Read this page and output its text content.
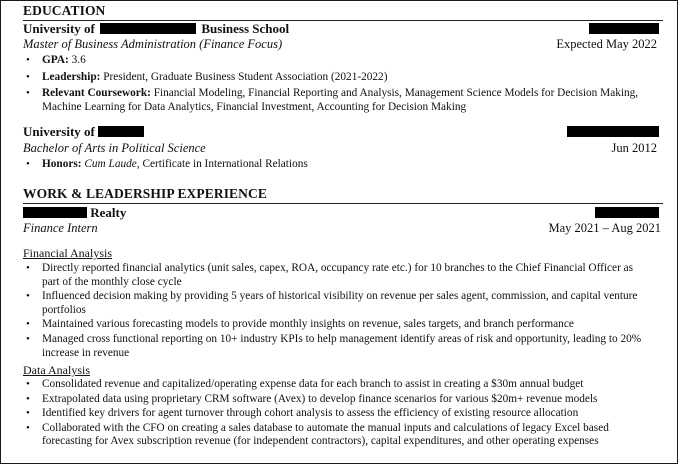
EDUCATION
University of	Business School
Master of Business Administration (Finance Focus)	Expected May 2022
• GPA: 3.6
• Leadership: President, Graduate Business Student Association (2021-2022)
• Relevant Coursework: Financial Modeling, Financial Reporting and Analysis, Management Science Models for Decision Making, Machine Learning for Data Analytics, Financial Investment, Accounting for Decision Making
University of
Bachelor of Arts in Political Science	Jun 2012
• Honors: Cum Laude, Certificate in International Relations
WORK & LEADERSHIP EXPERIENCE
Realty
Finance Intern	May 2021 – Aug 2021
Financial Analysis
• Directly reported financial analytics (unit sales, capex, ROA, occupancy rate etc.) for 10 branches to the Chief Financial Officer as part of the monthly close cycle
• Influenced decision making by providing 5 years of historical visibility on revenue per sales agent, commission, and capital venture portfolios
• Maintained various forecasting models to provide monthly insights on revenue, sales targets, and branch performance
• Managed cross functional reporting on 10+ industry KPIs to help management identify areas of risk and opportunity, leading to 20% increase in revenue
Data Analysis
• Consolidated revenue and capitalized/operating expense data for each branch to assist in creating a $30m annual budget
• Extrapolated data using proprietary CRM software (Avex) to develop finance scenarios for various $20m+ revenue models
• Identified key drivers for agent turnover through cohort analysis to assess the efficiency of existing resource allocation
• Collaborated with the CFO on creating a sales database to automate the manual inputs and calculations of legacy Excel based forecasting for Avex subscription revenue (for independent contractors), capital expenditures, and other operating expenses
